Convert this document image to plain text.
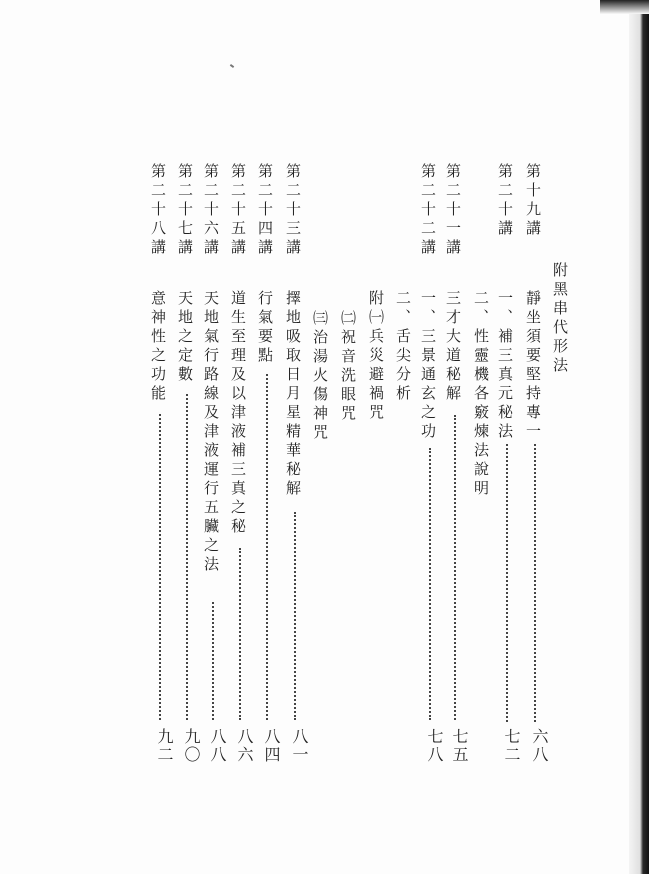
附黑串代形法
第十九講
靜坐須要堅持專一
六八
第二十講
一、補三真元秘法
七二
二、性靈機各竅煉法說明
第二十一講
三才大道秘解
七五
第二十二講
一、三景通玄之功
七八
二、舌尖分析
附㈠兵災避禍咒
㈡祝音洗眼咒
㈢治湯火傷神咒
第二十三講
擇地吸取日月星精華秘解
八一
第二十四講
行氣要點
八四
第二十五講
道生至理及以津液補三真之秘
八六
第二十六講
天地氣行路線及津液運行五臟之法
八八
第二十七講
天地之定數
九〇
第二十八講
意神性之功能
九二
